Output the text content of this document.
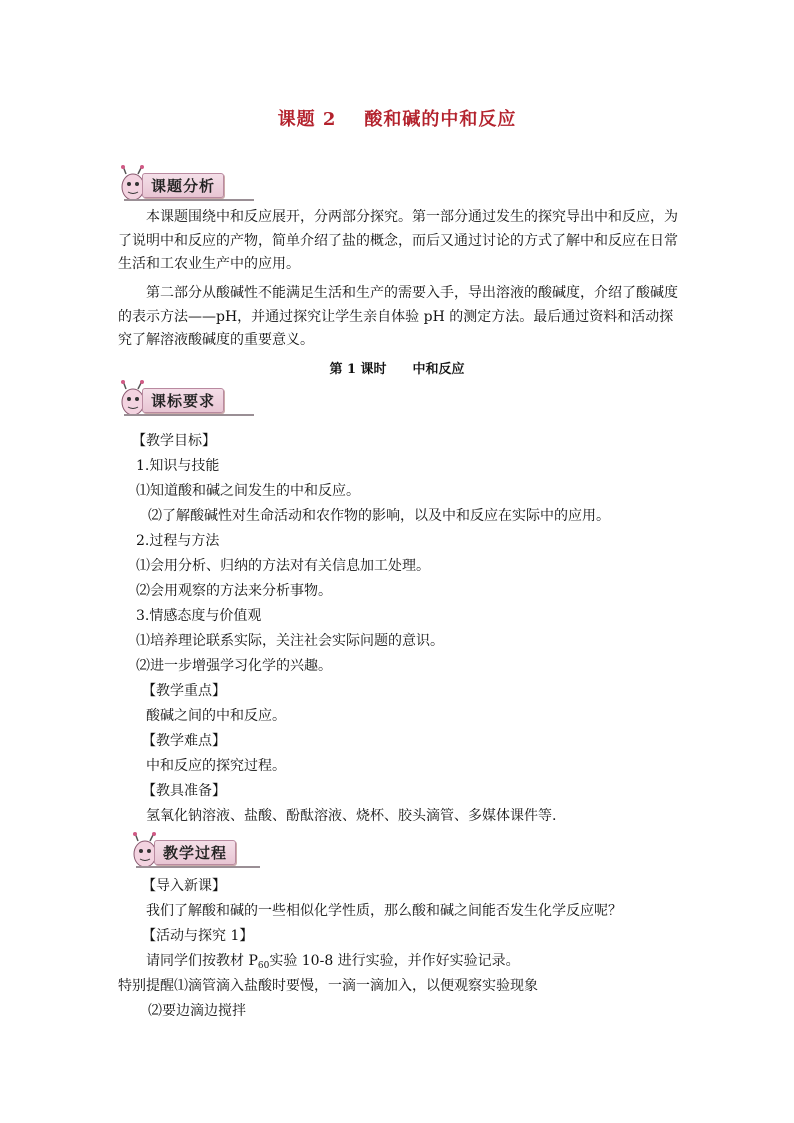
课题 2 酸和碱的中和反应
课题分析

本课题围绕中和反应展开，分两部分探究。第一部分通过发生的探究导出中和反应，为了说明中和反应的产物，简单介绍了盐的概念，而后又通过讨论的方式了解中和反应在日常生活和工农业生产中的应用。

第二部分从酸碱性不能满足生活和生产的需要入手，导出溶液的酸碱度，介绍了酸碱度的表示方法——pH，并通过探究让学生亲自体验 pH 的测定方法。最后通过资料和活动探究了解溶液酸碱度的重要意义。

第 1 课时 中和反应
课标要求
【教学目标】
1.知识与技能
⑴知道酸和碱之间发生的中和反应。
⑵了解酸碱性对生命活动和农作物的影响，以及中和反应在实际中的应用。
2.过程与方法
⑴会用分析、归纳的方法对有关信息加工处理。
⑵会用观察的方法来分析事物。
3.情感态度与价值观
⑴培养理论联系实际，关注社会实际问题的意识。
⑵进一步增强学习化学的兴趣。
【教学重点】
酸碱之间的中和反应。
【教学难点】
中和反应的探究过程。
【教具准备】
氢氧化钠溶液、盐酸、酚酞溶液、烧杯、胶头滴管、多媒体课件等.
教学过程
【导入新课】
我们了解酸和碱的一些相似化学性质，那么酸和碱之间能否发生化学反应呢？
【活动与探究 1】
请同学们按教材 $P_{60}$实验 10-8 进行实验，并作好实验记录。
特别提醒⑴滴管滴入盐酸时要慢，一滴一滴加入，以便观察实验现象
⑵要边滴边搅拌
